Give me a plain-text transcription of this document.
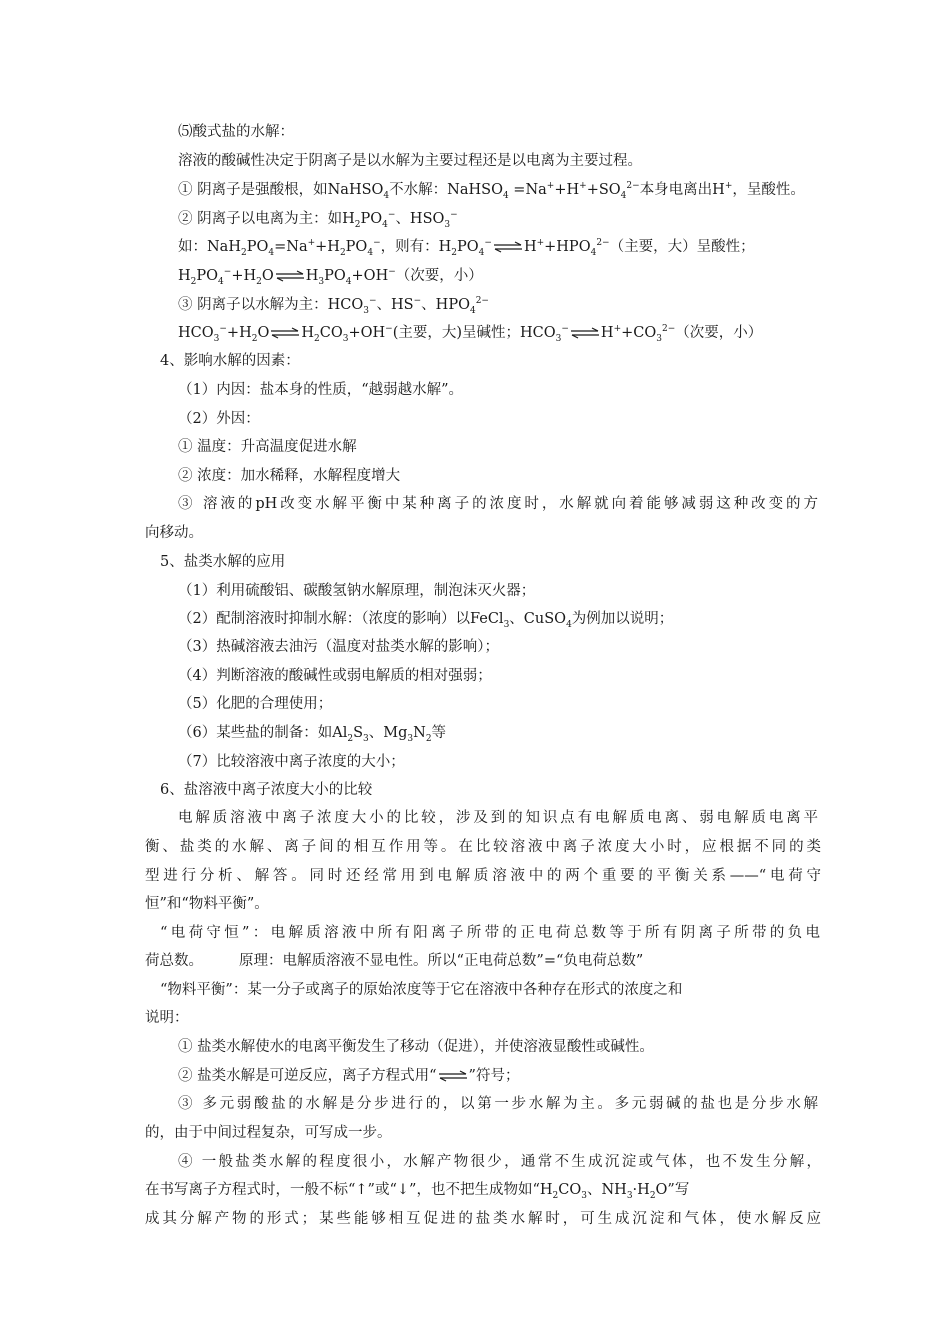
⑸酸式盐的水解：
溶液的酸碱性决定于阴离子是以水解为主要过程还是以电离为主要过程。
① 阴离子是强酸根，如NaHSO$_4$不水解：NaHSO$_4$ $=Na^++H^++SO_4^{2-}$本身电离出H+，呈酸性。
② 阴离子以电离为主：如$H_2PO_4^-$、$HSO_3^-$
如：$NaH_2PO_4=Na^++H_2PO_4^-$，则有：$H_2PO_4^-\rightleftharpoons H^++HPO_4^{2-}$（主要，大）呈酸性；
$H_2PO_4^-+H_2O\rightleftharpoons H_3PO_4+OH^-$（次要，小）
③ 阴离子以水解为主：$HCO_3^-$、HS−、$HPO_4^{2-}$
$HCO_3^-+H_2O\rightleftharpoons H_2CO_3+OH^-$(主要，大)呈碱性；$HCO_3^-\rightleftharpoons H^++CO_3^{2-}$（次要，小）
4、影响水解的因素：
（1）内因：盐本身的性质，“越弱越水解”。
（2）外因：
① 温度：升高温度促进水解
② 浓度：加水稀释，水解程度增大
③ 溶液的pH改变水解平衡中某种离子的浓度时，水解就向着能够减弱这种改变的方
向移动。
5、盐类水解的应用
（1）利用硫酸铝、碳酸氢钠水解原理，制泡沫灭火器；
（2）配制溶液时抑制水解：（浓度的影响）以FeCl$_3$、CuSO$_4$为例加以说明；
（3）热碱溶液去油污（温度对盐类水解的影响）；
（4）判断溶液的酸碱性或弱电解质的相对强弱；
（5）化肥的合理使用；
（6）某些盐的制备：如$Al_2S_3$、$Mg_3N_2$等
（7）比较溶液中离子浓度的大小；
6、盐溶液中离子浓度大小的比较
电解质溶液中离子浓度大小的比较，涉及到的知识点有电解质电离、弱电解质电离平
衡、盐类的水解、离子间的相互作用等。在比较溶液中离子浓度大小时，应根据不同的类
型进行分析、解答。同时还经常用到电解质溶液中的两个重要的平衡关系——“电荷守
恒”和“物料平衡”。
“电荷守恒”：电解质溶液中所有阳离子所带的正电荷总数等于所有阴离子所带的负电
荷总数。 原理：电解质溶液不显电性。所以“正电荷总数”=“负电荷总数”
“物料平衡”：某一分子或离子的原始浓度等于它在溶液中各种存在形式的浓度之和
说明：
① 盐类水解使水的电离平衡发生了移动（促进），并使溶液显酸性或碱性。
② 盐类水解是可逆反应，离子方程式用“⇌”符号；
③ 多元弱酸盐的水解是分步进行的，以第一步水解为主。多元弱碱的盐也是分步水解
的，由于中间过程复杂，可写成一步。
④ 一般盐类水解的程度很小，水解产物很少，通常不生成沉淀或气体，也不发生分解，
在书写离子方程式时，一般不标“↑”或“↓”，也不把生成物如“$H_2CO_3$、$NH_3\cdot H_2O$”写
成其分解产物的形式；某些能够相互促进的盐类水解时，可生成沉淀和气体，使水解反应
